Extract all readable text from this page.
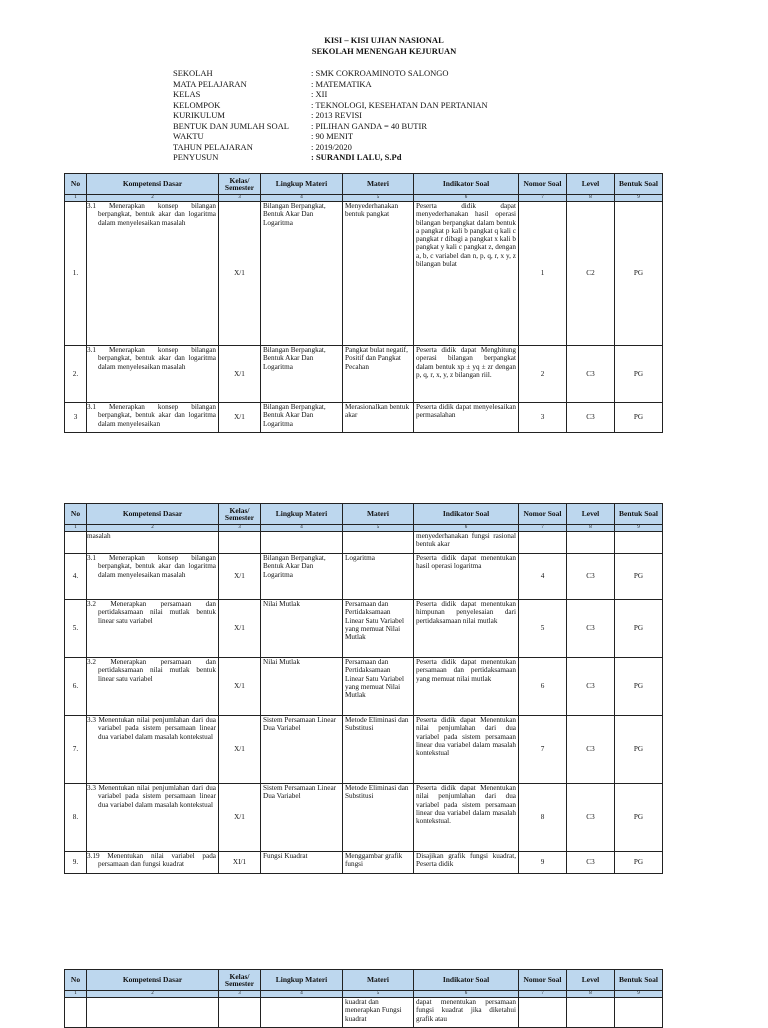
KISI – KISI UJIAN NASIONAL
SEKOLAH MENENGAH KEJURUAN
SEKOLAH	: SMK COKROAMINOTO SALONGO
MATA PELAJARAN	: MATEMATIKA
KELAS	: XII
KELOMPOK	: TEKNOLOGI, KESEHATAN DAN PERTANIAN
KURIKULUM	: 2013 REVISI
BENTUK DAN JUMLAH SOAL	: PILIHAN GANDA = 40 BUTIR
WAKTU	: 90 MENIT
TAHUN PELAJARAN	: 2019/2020
PENYUSUN	: SURANDI LALU, S.Pd
No	Kompetensi Dasar	Kelas/ Semester	Lingkup Materi	Materi	Indikator Soal	Nomor Soal	Level	Bentuk Soal
1	2	3	4	5	6	7	8	9
1.	3.1 Menerapkan konsep bilangan berpangkat, bentuk akar dan logaritma dalam menyelesaikan masalah	X/1	Bilangan Berpangkat, Bentuk Akar Dan Logaritma	Menyederhanakan bentuk pangkat	Peserta didik dapat menyederhanakan hasil operasi bilangan berpangkat dalam bentuk a pangkat p kali b pangkat q kali c pangkat r dibagi a pangkat x kali b pangkat y kali c pangkat z, dengan a, b, c variabel dan n, p, q, r, x y, z bilangan bulat	1	C2	PG
2.	3.1 Menerapkan konsep bilangan berpangkat, bentuk akar dan logaritma dalam menyelesaikan masalah	X/1	Bilangan Berpangkat, Bentuk Akar Dan Logaritma	Pangkat bulat negatif, Positif dan Pangkat Pecahan	Peserta didik dapat Menghitung operasi bilangan berpangkat dalam bentuk xp ± yq ± zr dengan p, q, r, x, y, z bilangan riil.	2	C3	PG
3	3.1 Menerapkan konsep bilangan berpangkat, bentuk akar dan logaritma dalam menyelesaikan	X/1	Bilangan Berpangkat, Bentuk Akar Dan Logaritma	Merasionalkan bentuk akar	Peserta didik dapat menyelesaikan permasalahan	3	C3	PG
No	Kompetensi Dasar	Kelas/ Semester	Lingkup Materi	Materi	Indikator Soal	Nomor Soal	Level	Bentuk Soal
1	2	3	4	5	6	7	8	9
	masalah				menyederhanakan fungsi rasional bentuk akar			
4.	3.1 Menerapkan konsep bilangan berpangkat, bentuk akar dan logaritma dalam menyelesaikan masalah	X/1	Bilangan Berpangkat, Bentuk Akar Dan Logaritma	Logaritma	Peserta didik dapat menentukan hasil operasi logaritma	4	C3	PG
5.	3.2 Menerapkan persamaan dan pertidaksamaan nilai mutlak bentuk linear satu variabel	X/1	Nilai Mutlak	Persamaan dan Pertidaksamaan Linear Satu Variabel yang memuat Nilai Mutlak	Peserta didik dapat menentukan himpunan penyelesaian dari pertidaksamaan nilai mutlak	5	C3	PG
6.	3.2 Menerapkan persamaan dan pertidaksamaan nilai mutlak bentuk linear satu variabel	X/1	Nilai Mutlak	Persamaan dan Pertidaksamaan Linear Satu Variabel yang memuat Nilai Mutlak	Peserta didik dapat menentukan persamaan dan pertidaksamaan yang memuat nilai mutlak	6	C3	PG
7.	3.3 Menentukan nilai penjumlahan dari dua variabel pada sistem persamaan linear dua variabel dalam masalah kontekstual	X/1	Sistem Persamaan Linear Dua Variabel	Metode Eliminasi dan Substitusi	Peserta didik dapat Menentukan nilai penjumlahan dari dua variabel pada sistem persamaan linear dua variabel dalam masalah kontekstual	7	C3	PG
8.	3.3 Menentukan nilai penjumlahan dari dua variabel pada sistem persamaan linear dua variabel dalam masalah kontekstual	X/1	Sistem Persamaan Linear Dua Variabel	Metode Eliminasi dan Substitusi	Peserta didik dapat Menentukan nilai penjumlahan dari dua variabel pada sistem persamaan linear dua variabel dalam masalah kontekstual.	8	C3	PG
9.	3.19 Menentukan nilai variabel pada persamaan dan fungsi kuadrat	XI/1	Fungsi Kuadrat	Menggambar grafik fungsi	Disajikan grafik fungsi kuadrat, Peserta didik	9	C3	PG
No	Kompetensi Dasar	Kelas/ Semester	Lingkup Materi	Materi	Indikator Soal	Nomor Soal	Level	Bentuk Soal
1	2	3	4	5	6	7	8	9
				kuadrat dan menerapkan Fungsi kuadrat	dapat menentukan persamaan fungsi kuadrat jika diketahui grafik atau			
